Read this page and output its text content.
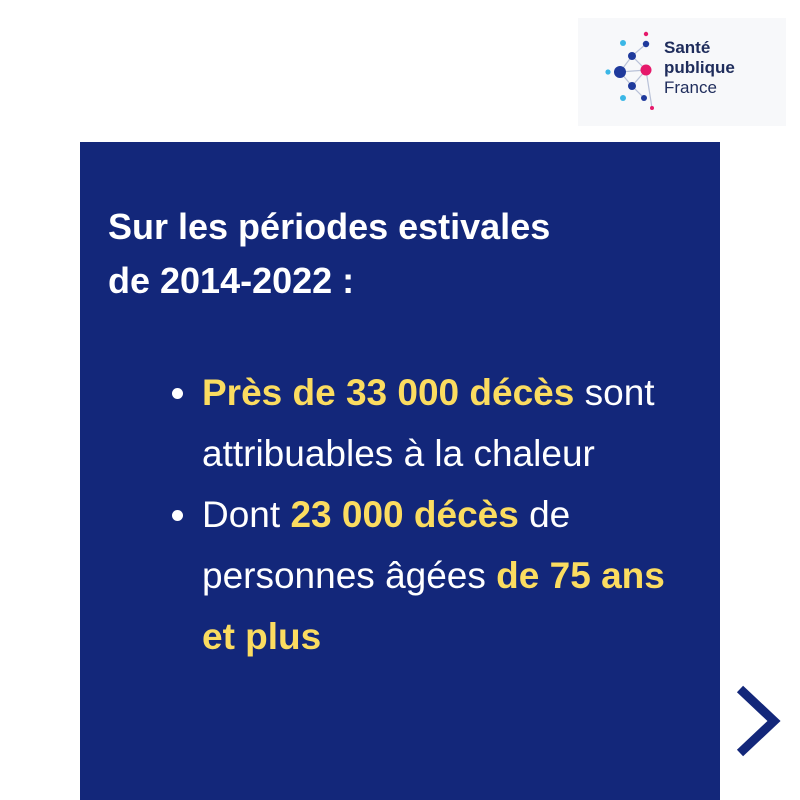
Santé
publique
France
Sur les périodes estivales
de 2014-2022 :
Près de 33 000 décès sont attribuables à la chaleur
Dont 23 000 décès de personnes âgées de 75 ans et plus
